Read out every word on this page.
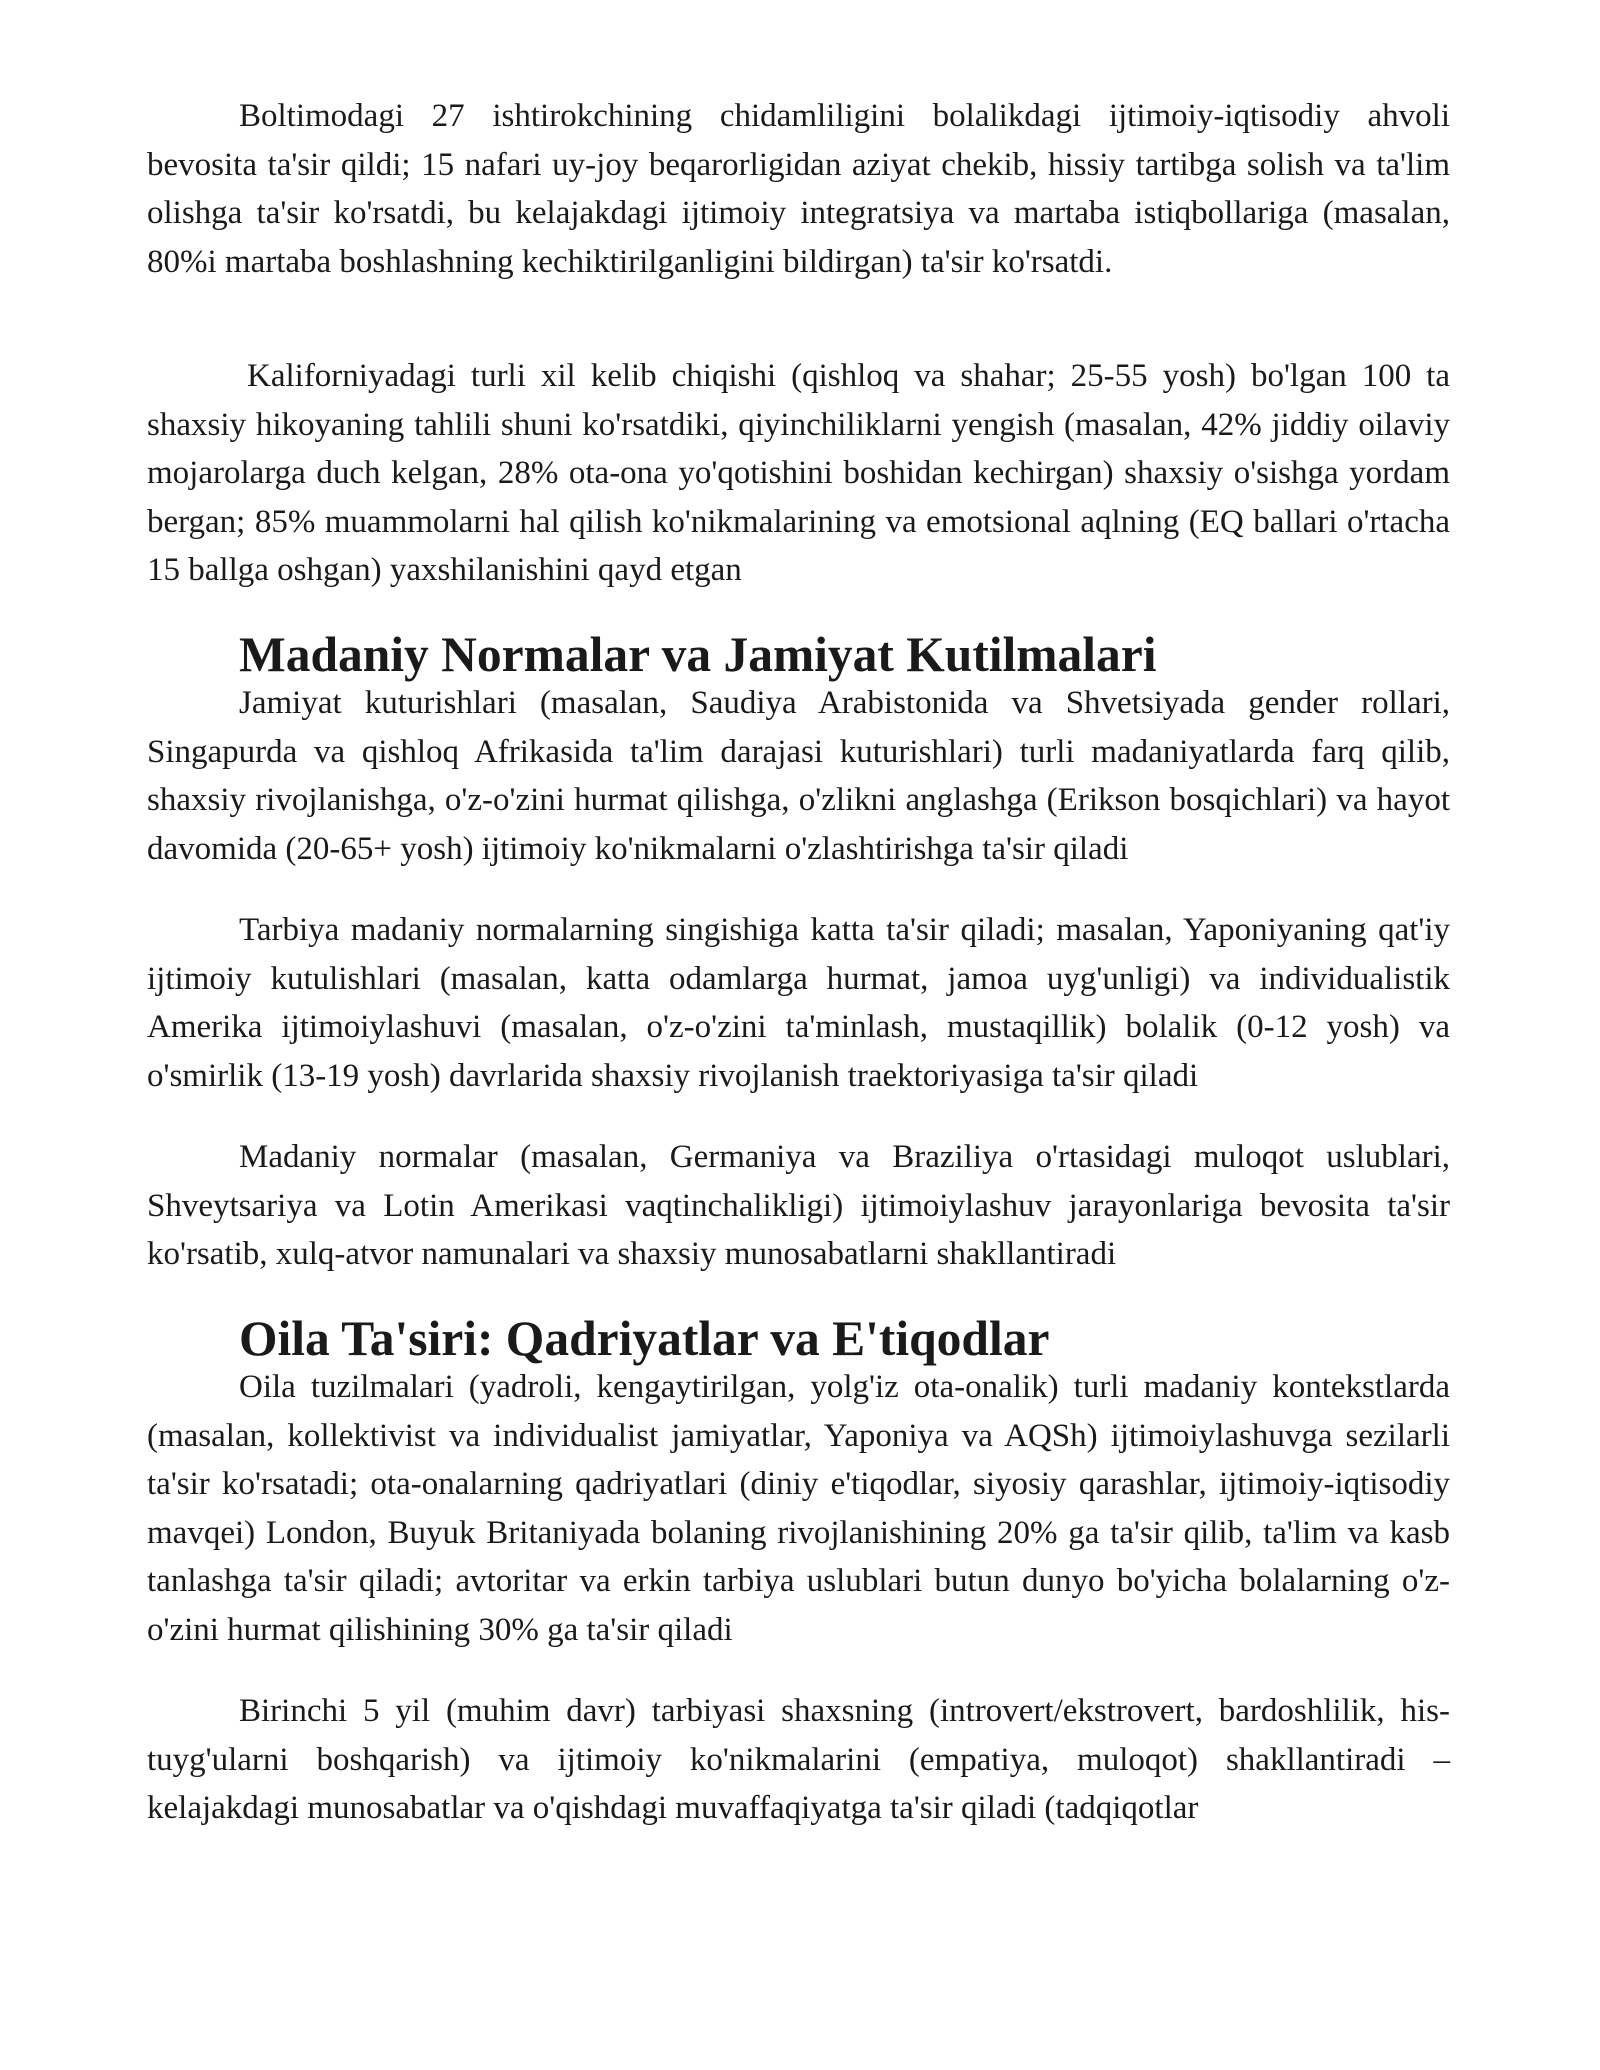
Boltimodagi 27 ishtirokchining chidamliligini bolalikdagi ijtimoiy-iqtisodiy ahvoli bevosita ta'sir qildi; 15 nafari uy-joy beqarorligidan aziyat chekib, hissiy tartibga solish va ta'lim olishga ta'sir ko'rsatdi, bu kelajakdagi ijtimoiy integratsiya va martaba istiqbollariga (masalan, 80%i martaba boshlashning kechiktirilganligini bildirgan) ta'sir ko'rsatdi.

Kaliforniyadagi turli xil kelib chiqishi (qishloq va shahar; 25-55 yosh) bo'lgan 100 ta shaxsiy hikoyaning tahlili shuni ko'rsatdiki, qiyinchiliklarni yengish (masalan, 42% jiddiy oilaviy mojarolarga duch kelgan, 28% ota-ona yo'qotishini boshidan kechirgan) shaxsiy o'sishga yordam bergan; 85% muammolarni hal qilish ko'nikmalarining va emotsional aqlning (EQ ballari o'rtacha 15 ballga oshgan) yaxshilanishini qayd etgan

Madaniy Normalar va Jamiyat Kutilmalari

Jamiyat kuturishlari (masalan, Saudiya Arabistonida va Shvetsiyada gender rollari, Singapurda va qishloq Afrikasida ta'lim darajasi kuturishlari) turli madaniyatlarda farq qilib, shaxsiy rivojlanishga, o'z-o'zini hurmat qilishga, o'zlikni anglashga (Erikson bosqichlari) va hayot davomida (20-65+ yosh) ijtimoiy ko'nikmalarni o'zlashtirishga ta'sir qiladi

Tarbiya madaniy normalarning singishiga katta ta'sir qiladi; masalan, Yaponiyaning qat'iy ijtimoiy kutulishlari (masalan, katta odamlarga hurmat, jamoa uyg'unligi) va individualistik Amerika ijtimoiylashuvi (masalan, o'z-o'zini ta'minlash, mustaqillik) bolalik (0-12 yosh) va o'smirlik (13-19 yosh) davrlarida shaxsiy rivojlanish traektoriyasiga ta'sir qiladi

Madaniy normalar (masalan, Germaniya va Braziliya o'rtasidagi muloqot uslublari, Shveytsariya va Lotin Amerikasi vaqtinchalikligi) ijtimoiylashuv jarayonlariga bevosita ta'sir ko'rsatib, xulq-atvor namunalari va shaxsiy munosabatlarni shakllantiradi

Oila Ta'siri: Qadriyatlar va E'tiqodlar

Oila tuzilmalari (yadroli, kengaytirilgan, yolg'iz ota-onalik) turli madaniy kontekstlarda (masalan, kollektivist va individualist jamiyatlar, Yaponiya va AQSh) ijtimoiylashuvga sezilarli ta'sir ko'rsatadi; ota-onalarning qadriyatlari (diniy e'tiqodlar, siyosiy qarashlar, ijtimoiy-iqtisodiy mavqei) London, Buyuk Britaniyada bolaning rivojlanishining 20% ga ta'sir qilib, ta'lim va kasb tanlashga ta'sir qiladi; avtoritar va erkin tarbiya uslublari butun dunyo bo'yicha bolalarning o'z-o'zini hurmat qilishining 30% ga ta'sir qiladi

Birinchi 5 yil (muhim davr) tarbiyasi shaxsning (introvert/ekstrovert, bardoshlilik, his-tuyg'ularni boshqarish) va ijtimoiy ko'nikmalarini (empatiya, muloqot) shakllantiradi – kelajakdagi munosabatlar va o'qishdagi muvaffaqiyatga ta'sir qiladi (tadqiqotlar
